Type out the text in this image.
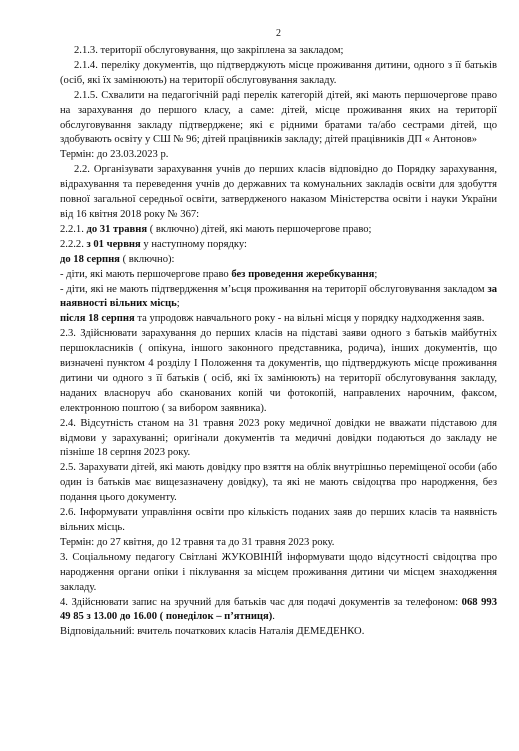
2

2.1.3. території обслуговування, що закріплена за закладом;

2.1.4. переліку документів, що підтверджують місце проживання дитини, одного з її батьків (осіб, які їх замінюють) на території обслуговування закладу.

2.1.5. Схвалити на педагогічній раді перелік категорій дітей, які мають першочергове право на зарахування до першого класу, а саме: дітей, місце проживання яких на території обслуговування закладу підтверджене; які є рідними братами та/або сестрами дітей, що здобувають освіту у СШ № 96; дітей працівників закладу; дітей працівників ДП « Антонов»

Термін: до 23.03.2023 р.

2.2. Організувати зарахування учнів до перших класів відповідно до Порядку зарахування, відрахування та переведення учнів до державних та комунальних закладів освіти для здобуття повної загальної середньої освіти, затвердженого наказом Міністерства освіти і науки України від 16 квітня 2018 року № 367:

2.2.1. до 31 травня ( включно) дітей, які мають першочергове право;

2.2.2. з 01 червня у наступному порядку:

до 18 серпня ( включно):

- діти, які мають першочергове право без проведення жеребкування;

- діти, які не мають підтвердження м’ьсця проживання на території обслуговування закладом за наявності вільних місць;

після 18 серпня та упродовж навчального року - на вільні місця у порядку надходження заяв.

2.3. Здійснювати зарахування до перших класів на підставі заяви одного з батьків майбутніх першокласників ( опікуна, іншого законного представника, родича), інших документів, що визначені пунктом 4 розділу І Положення та документів, що підтверджують місце проживання дитини чи одного з її батьків ( осіб, які їх замінюють) на території обслуговування закладу, наданих власноруч або сканованих копій чи фотокопій, направлених нарочним, факсом, електронною поштою ( за вибором заявника).

2.4. Відсутність станом на 31 травня 2023 року медичної довідки не вважати підставою для відмови у зарахуванні; оригінали документів та медичні довідки подаються до закладу не пізніше 18 серпня 2023 року.

2.5. Зарахувати дітей, які мають довідку про взяття на облік внутрішньо переміщеної особи (або один із батьків має вищезазначену довідку), та які не мають свідоцтва про народження, без подання цього документу.

2.6. Інформувати управління освіти про кількість поданих заяв до перших класів та наявність вільних місць.

Термін: до 27 квітня, до 12 травня та до 31 травня 2023 року.

3. Соціальному педагогу Світлані ЖУКОВІНІЙ інформувати щодо відсутності свідоцтва про народження органи опіки і піклування за місцем проживання дитини чи місцем знаходження закладу.

4. Здійснювати запис на зручний для батьків час для подачі документів за телефоном: 068 993 49 85 з 13.00 до 16.00 ( понеділок – п’ятниця).

Відповідальний: вчитель початкових класів Наталія ДЕМЕДЕНКО.
